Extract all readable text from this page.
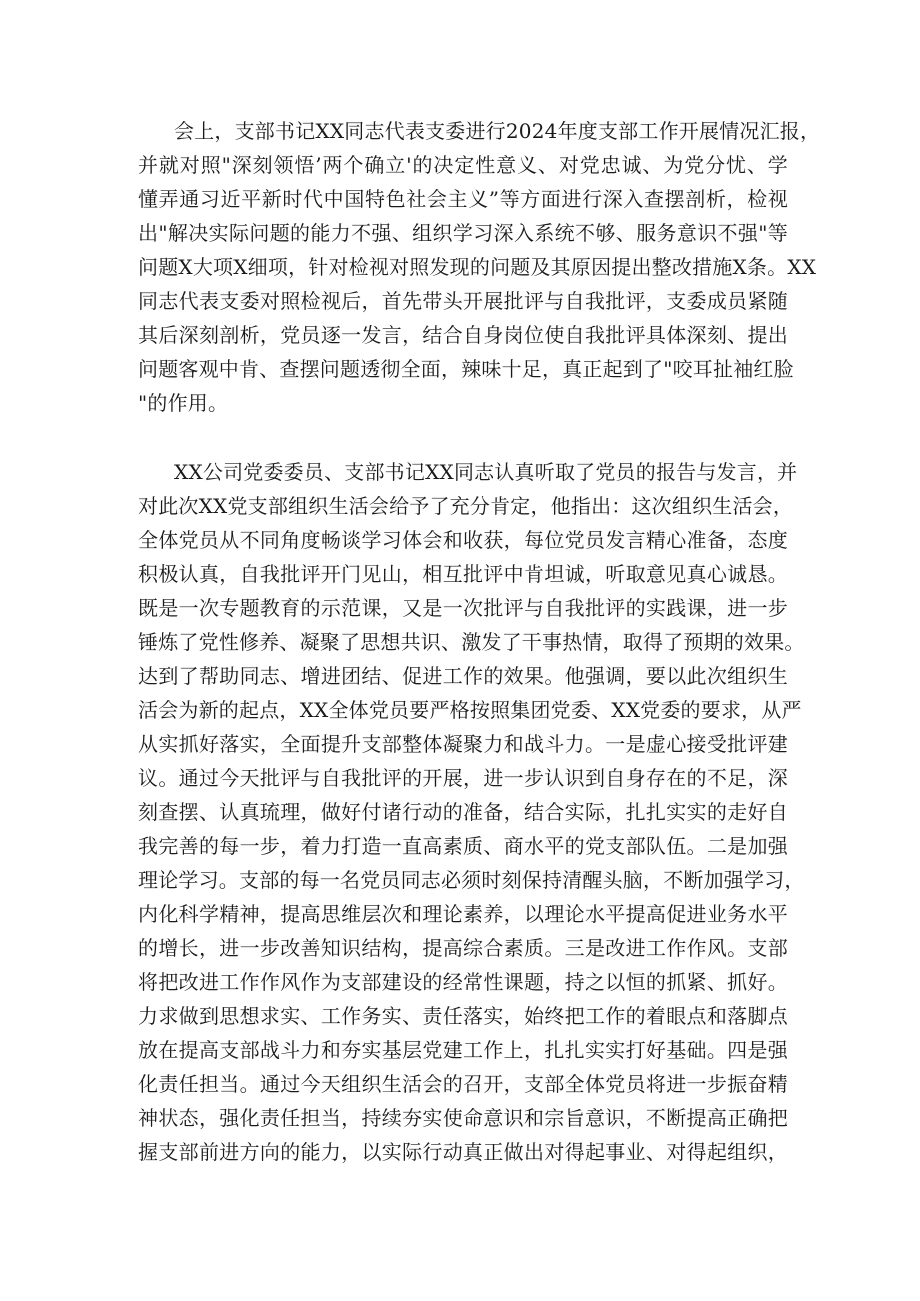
会上，支部书记XX同志代表支委进行2024年度支部工作开展情况汇报，
并就对照"深刻领悟’两个确立'的决定性意义、对党忠诚、为党分忧、学
懂弄通习近平新时代中国特色社会主义”等方面进行深入查摆剖析，检视
出"解决实际问题的能力不强、组织学习深入系统不够、服务意识不强"等
问题X大项X细项，针对检视对照发现的问题及其原因提出整改措施X条。XX
同志代表支委对照检视后，首先带头开展批评与自我批评，支委成员紧随
其后深刻剖析，党员逐一发言，结合自身岗位使自我批评具体深刻、提出
问题客观中肯、查摆问题透彻全面，辣味十足，真正起到了"咬耳扯袖红脸
"的作用。

XX公司党委委员、支部书记XX同志认真听取了党员的报告与发言，并
对此次XX党支部组织生活会给予了充分肯定，他指出：这次组织生活会，
全体党员从不同角度畅谈学习体会和收获，每位党员发言精心准备，态度
积极认真，自我批评开门见山，相互批评中肯坦诚，听取意见真心诚恳。
既是一次专题教育的示范课，又是一次批评与自我批评的实践课，进一步
锤炼了党性修养、凝聚了思想共识、激发了干事热情，取得了预期的效果。
达到了帮助同志、增进团结、促进工作的效果。他强调，要以此次组织生
活会为新的起点，XX全体党员要严格按照集团党委、XX党委的要求，从严
从实抓好落实，全面提升支部整体凝聚力和战斗力。一是虚心接受批评建
议。通过今天批评与自我批评的开展，进一步认识到自身存在的不足，深
刻查摆、认真琉理，做好付诸行动的准备，结合实际，扎扎实实的走好自
我完善的每一步，着力打造一直高素质、商水平的党支部队伍。二是加强
理论学习。支部的每一名党员同志必须时刻保持清醒头脑，不断加强学习，
内化科学精神，提高思维层次和理论素养，以理论水平提高促进业务水平
的增长，进一步改善知识结构，提高综合素质。三是改进工作作风。支部
将把改进工作作风作为支部建设的经常性课题，持之以恒的抓紧、抓好。
力求做到思想求实、工作务实、责任落实，始终把工作的着眼点和落脚点
放在提高支部战斗力和夯实基层党建工作上，扎扎实实打好基础。四是强
化责任担当。通过今天组织生活会的召开，支部全体党员将进一步振奋精
神状态，强化责任担当，持续夯实使命意识和宗旨意识，不断提高正确把
握支部前进方向的能力，以实际行动真正做出对得起事业、对得起组织，
